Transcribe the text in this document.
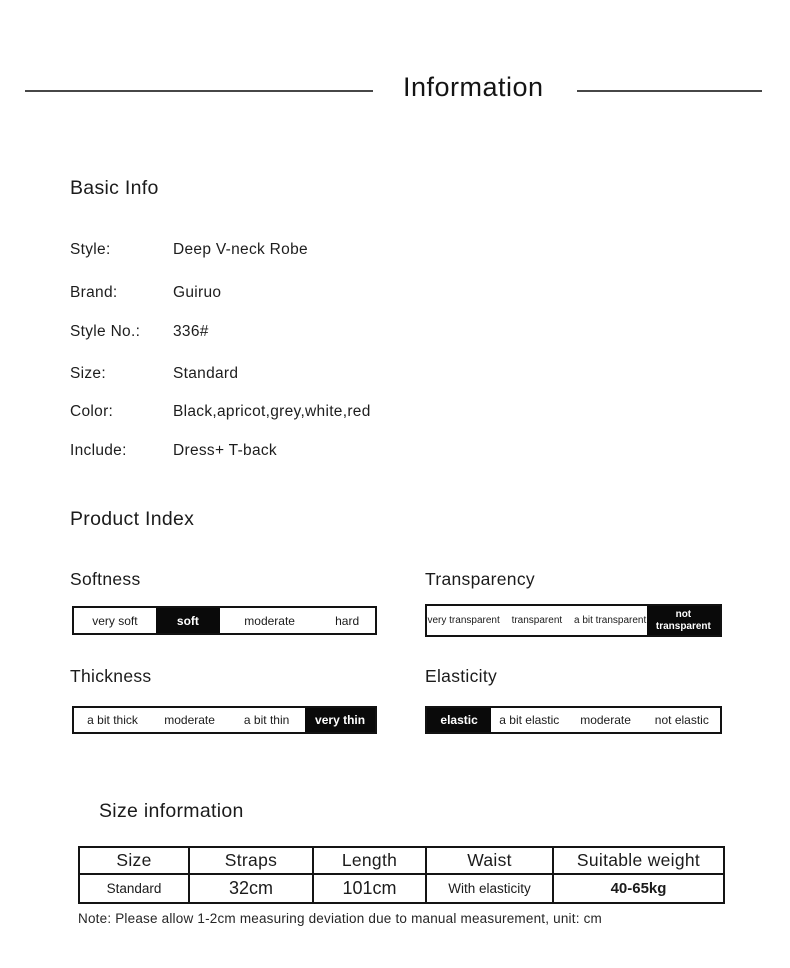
Information
Basic Info
Style:	Deep V-neck Robe
Brand:	Guiruo
Style No.: 336#
Size:	Standard
Color:	Black,apricot,grey,white,red
Include:	Dress+ T-back
Product Index
Softness
very soft	soft	moderate	hard
Transparency
very transparent transparent a bit transparent
not transparent
Thickness
a bit thick moderate a bit thin very thin
Elasticity
elastic a bit elastic moderate not elastic
Size information
Size	Straps	Length	Waist	Suitable weight
Standard	32cm	101cm	With elasticity	40-65kg
Note: Please allow 1-2cm measuring deviation due to manual measurement, unit: cm
